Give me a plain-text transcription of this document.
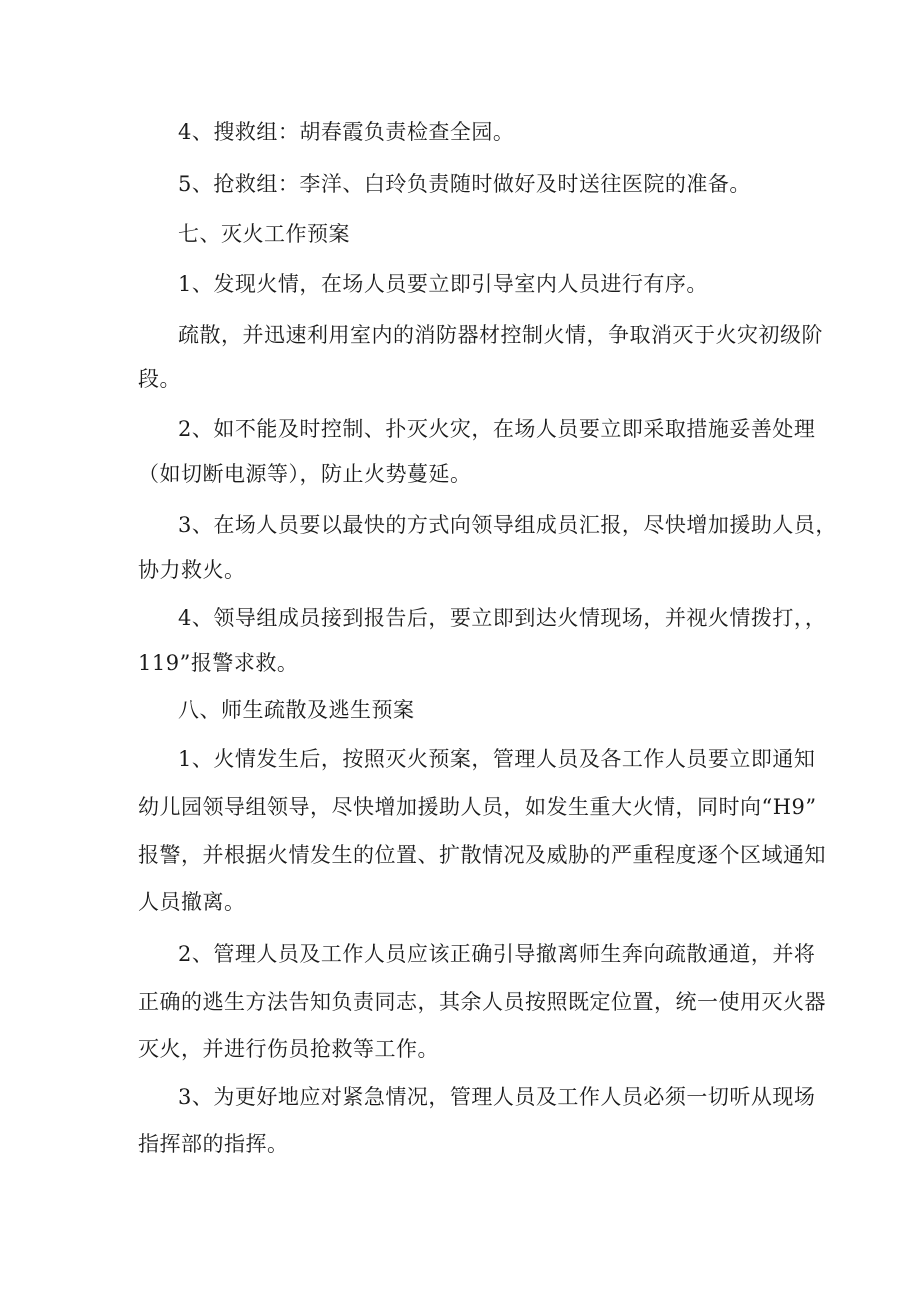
4、搜救组：胡春霞负责检查全园。
5、抢救组：李洋、白玲负责随时做好及时送往医院的准备。
七、灭火工作预案
1、发现火情，在场人员要立即引导室内人员进行有序。
疏散，并迅速利用室内的消防器材控制火情，争取消灭于火灾初级阶
段。
2、如不能及时控制、扑灭火灾，在场人员要立即采取措施妥善处理
（如切断电源等），防止火势蔓延。
3、在场人员要以最快的方式向领导组成员汇报，尽快增加援助人员，
协力救火。
4、领导组成员接到报告后，要立即到达火情现场，并视火情拨打，，
119”报警求救。
八、师生疏散及逃生预案
1、火情发生后，按照灭火预案，管理人员及各工作人员要立即通知
幼儿园领导组领导，尽快增加援助人员，如发生重大火情，同时向“H9”
报警，并根据火情发生的位置、扩散情况及威胁的严重程度逐个区域通知
人员撤离。
2、管理人员及工作人员应该正确引导撤离师生奔向疏散通道，并将
正确的逃生方法告知负责同志，其余人员按照既定位置，统一使用灭火器
灭火，并进行伤员抢救等工作。
3、为更好地应对紧急情况，管理人员及工作人员必须一切听从现场
指挥部的指挥。
